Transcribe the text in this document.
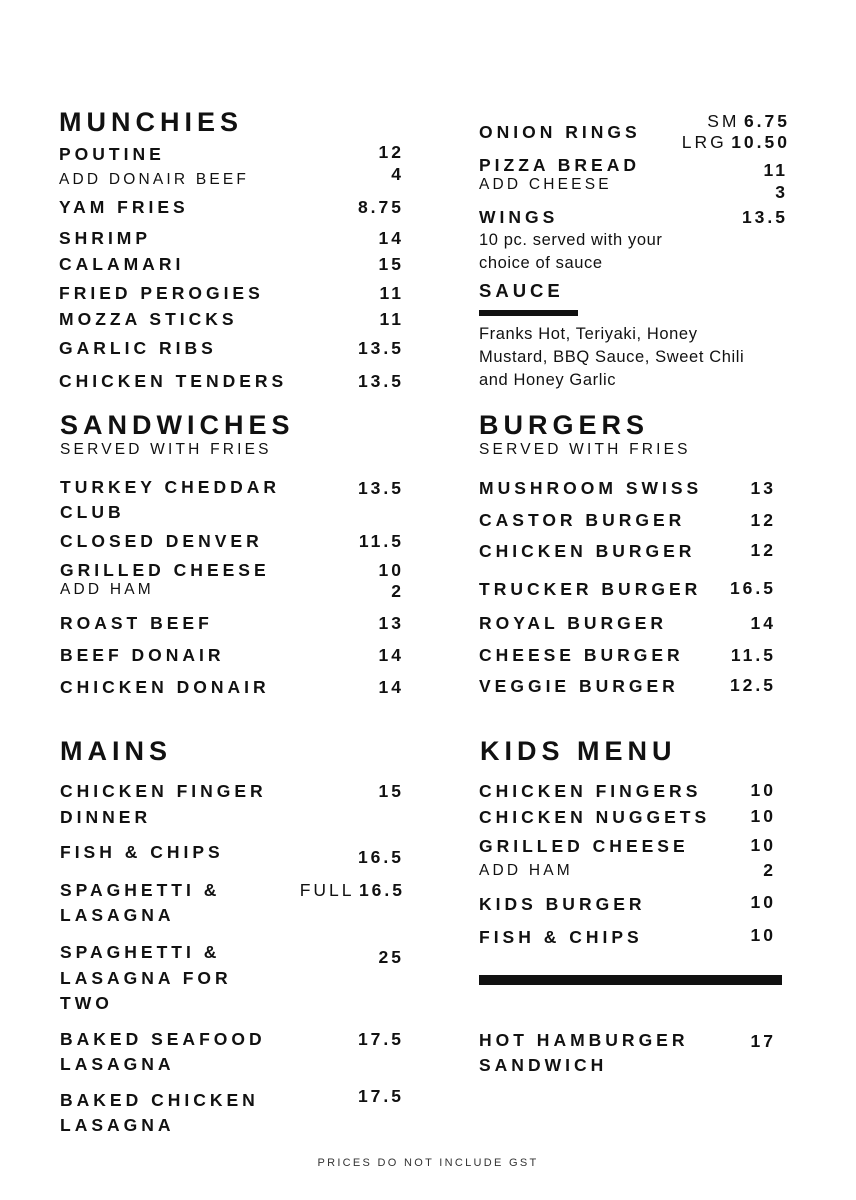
MUNCHIES
POUTINE	12
ADD DONAIR BEEF	4
YAM FRIES	8.75
SHRIMP	14
CALAMARI	15
FRIED PEROGIES	11
MOZZA STICKS	11
GARLIC RIBS	13.5
CHICKEN TENDERS	13.5
ONION RINGS
SM 6.75
LRG 10.50
PIZZA BREAD	11
ADD CHEESE	3
WINGS	13.5
10 pc. served with your
choice of sauce
SAUCE
Franks Hot, Teriyaki, Honey
Mustard, BBQ Sauce, Sweet Chili
and Honey Garlic
SANDWICHES
SERVED WITH FRIES
TURKEY CHEDDAR
CLUB
13.5
CLOSED DENVER	11.5
GRILLED CHEESE	10
ADD HAM	2
ROAST BEEF	13
BEEF DONAIR	14
CHICKEN DONAIR	14
BURGERS
SERVED WITH FRIES
MUSHROOM SWISS	13
CASTOR BURGER	12
CHICKEN BURGER	12
TRUCKER BURGER	16.5
ROYAL BURGER	14
CHEESE BURGER	11.5
VEGGIE BURGER	12.5
MAINS
CHICKEN FINGER
DINNER
15
FISH & CHIPS	16.5
SPAGHETTI &
LASAGNA
FULL 16.5
SPAGHETTI &
LASAGNA FOR
TWO
25
BAKED SEAFOOD
LASAGNA
17.5
BAKED CHICKEN
LASAGNA
17.5
KIDS MENU
CHICKEN FINGERS	10
CHICKEN NUGGETS	10
GRILLED CHEESE	10
ADD HAM	2
KIDS BURGER	10
FISH & CHIPS	10
HOT HAMBURGER
SANDWICH
17
PRICES DO NOT INCLUDE GST
